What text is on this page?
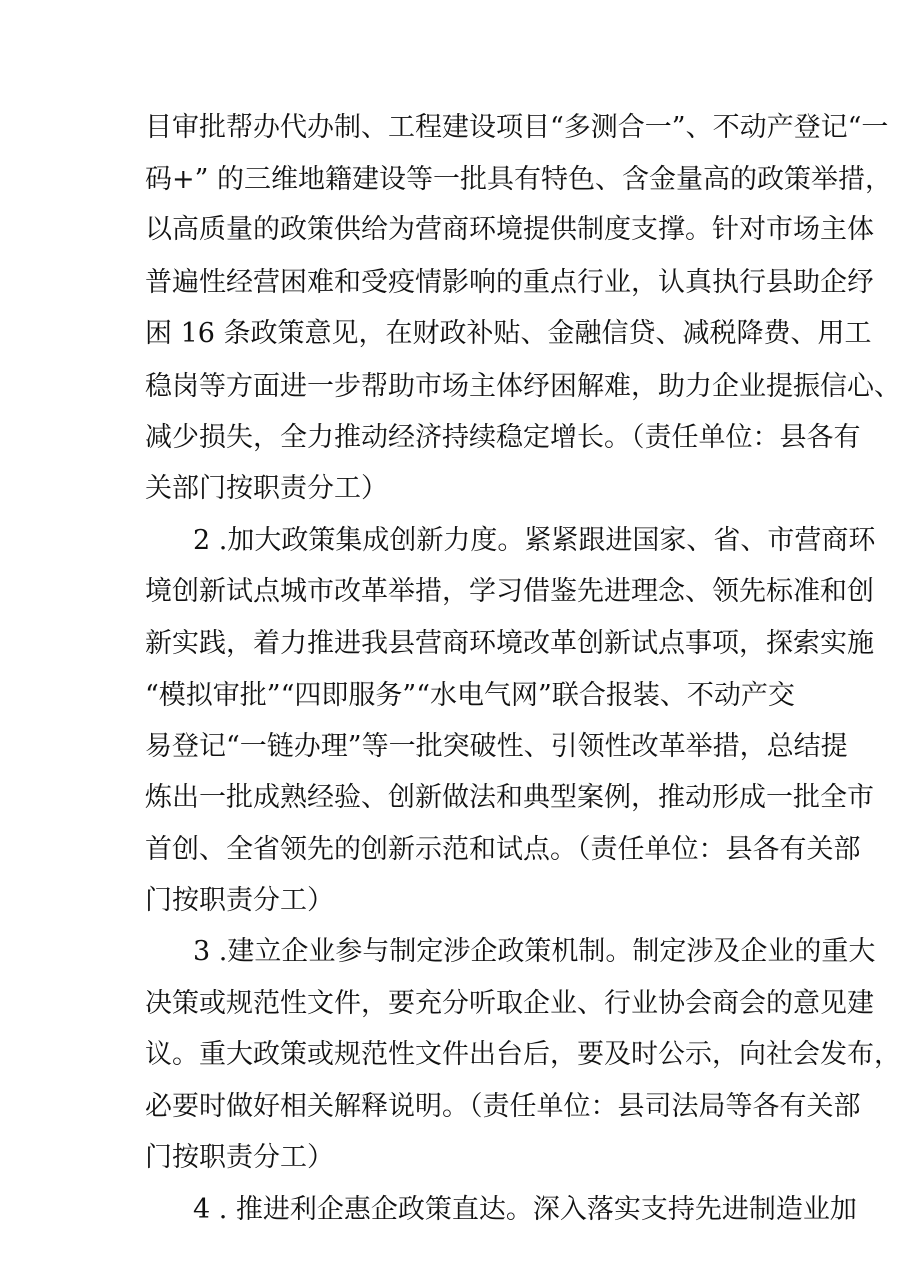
目审批帮办代办制、工程建设项目“多测合一”、不动产登记“一
码+” 的三维地籍建设等一批具有特色、含金量高的政策举措，
以高质量的政策供给为营商环境提供制度支撑。针对市场主体
普遍性经营困难和受疫情影响的重点行业，认真执行县助企纾
困 16 条政策意见，在财政补贴、金融信贷、减税降费、用工
稳岗等方面进一步帮助市场主体纾困解难，助力企业提振信心、
减少损失，全力推动经济持续稳定增长。（责任单位：县各有
关部门按职责分工）
2 .加大政策集成创新力度。紧紧跟进国家、省、市营商环
境创新试点城市改革举措，学习借鉴先进理念、领先标准和创
新实践，着力推进我县营商环境改革创新试点事项，探索实施
“模拟审批”“四即服务”“水电气网”联合报装、不动产交
易登记“一链办理”等一批突破性、引领性改革举措，总结提
炼出一批成熟经验、创新做法和典型案例，推动形成一批全市
首创、全省领先的创新示范和试点。（责任单位：县各有关部
门按职责分工）
3 .建立企业参与制定涉企政策机制。制定涉及企业的重大
决策或规范性文件，要充分听取企业、行业协会商会的意见建
议。重大政策或规范性文件出台后，要及时公示，向社会发布，
必要时做好相关解释说明。（责任单位：县司法局等各有关部
门按职责分工）
4 . 推进利企惠企政策直达。深入落实支持先进制造业加
